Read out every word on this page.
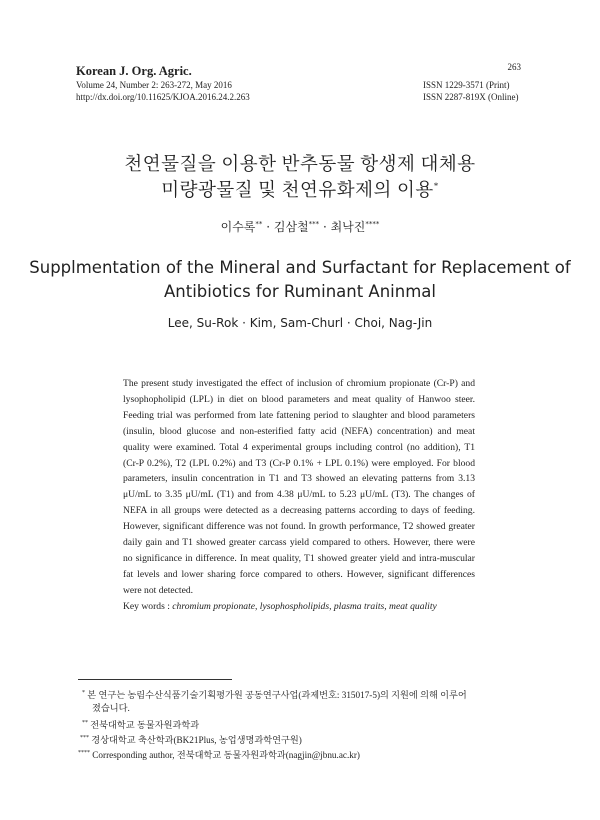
Korean J. Org. Agric.
Volume 24, Number 2: 263-272, May 2016
http://dx.doi.org/10.11625/KJOA.2016.24.2.263
263
ISSN 1229-3571 (Print)
ISSN 2287-819X (Online)
천연물질을 이용한 반추동물 항생제 대체용
미량광물질 및 천연유화제의 이용*
이수록** · 김삼철*** · 최낙진****
Supplmentation of the Mineral and Surfactant for Replacement of
Antibiotics for Ruminant Aninmal
Lee, Su-Rok · Kim, Sam-Churl · Choi, Nag-Jin
The present study investigated the effect of inclusion of chromium propionate (Cr-P) and lysophopholipid (LPL) in diet on blood parameters and meat quality of Hanwoo steer. Feeding trial was performed from late fattening period to slaughter and blood parameters (insulin, blood glucose and non-esterified fatty acid (NEFA) concentration) and meat quality were examined. Total 4 experimental groups including control (no addition), T1 (Cr-P 0.2%), T2 (LPL 0.2%) and T3 (Cr-P 0.1% + LPL 0.1%) were employed. For blood parameters, insulin concentration in T1 and T3 showed an elevating patterns from 3.13 μU/mL to 3.35 μU/mL (T1) and from 4.38 μU/mL to 5.23 μU/mL (T3). The changes of NEFA in all groups were detected as a decreasing patterns according to days of feeding. However, significant difference was not found. In growth performance, T2 showed greater daily gain and T1 showed greater carcass yield compared to others. However, there were no significance in difference. In meat quality, T1 showed greater yield and intra-muscular fat levels and lower sharing force compared to others. However, significant differences were not detected.
Key words : chromium propionate, lysophospholipids, plasma traits, meat quality
* 본 연구는 농림수산식품기술기획평가원 공동연구사업(과제번호: 315017-5)의 지원에 의해 이루어
졌습니다.
** 전북대학교 동물자원과학과
*** 경상대학교 축산학과(BK21Plus, 농업생명과학연구원)
**** Corresponding author, 전북대학교 동물자원과학과(nagjin@jbnu.ac.kr)
